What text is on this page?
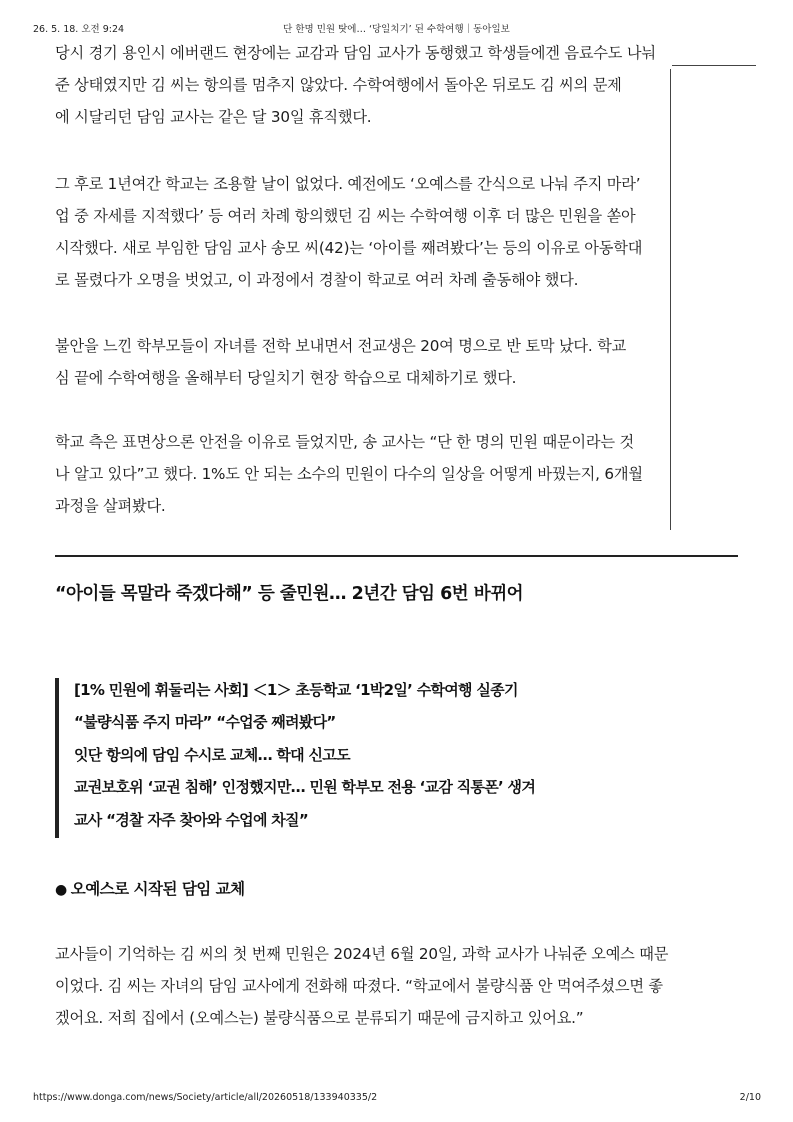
26. 5. 18. 오전 9:24	단 한명 민원 탓에… ‘당일치기’ 된 수학여행｜동아일보
당시 경기 용인시 에버랜드 현장에는 교감과 담임 교사가 동행했고 학생들에겐 음료수도 나눠
준 상태였지만 김 씨는 항의를 멈추지 않았다. 수학여행에서 돌아온 뒤로도 김 씨의 문제
에 시달리던 담임 교사는 같은 달 30일 휴직했다.
그 후로 1년여간 학교는 조용할 날이 없었다. 예전에도 ‘오예스를 간식으로 나눠 주지 마라’
업 중 자세를 지적했다’ 등 여러 차례 항의했던 김 씨는 수학여행 이후 더 많은 민원을 쏟아
시작했다. 새로 부임한 담임 교사 송모 씨(42)는 ‘아이를 째려봤다’는 등의 이유로 아동학대
로 몰렸다가 오명을 벗었고, 이 과정에서 경찰이 학교로 여러 차례 출동해야 했다.
불안을 느낀 학부모들이 자녀를 전학 보내면서 전교생은 20여 명으로 반 토막 났다. 학교
심 끝에 수학여행을 올해부터 당일치기 현장 학습으로 대체하기로 했다.
학교 측은 표면상으론 안전을 이유로 들었지만, 송 교사는 “단 한 명의 민원 때문이라는 것
나 알고 있다”고 했다. 1%도 안 되는 소수의 민원이 다수의 일상을 어떻게 바꿨는지, 6개월
과정을 살펴봤다.
“아이들 목말라 죽겠다해” 등 줄민원… 2년간 담임 6번 바뀌어
[1% 민원에 휘둘리는 사회] ＜1＞ 초등학교 ‘1박2일’ 수학여행 실종기
“불량식품 주지 마라” “수업중 째려봤다”
잇단 항의에 담임 수시로 교체… 학대 신고도
교권보호위 ‘교권 침해’ 인정했지만… 민원 학부모 전용 ‘교감 직통폰’ 생겨
교사 “경찰 자주 찾아와 수업에 차질”
● 오예스로 시작된 담임 교체
교사들이 기억하는 김 씨의 첫 번째 민원은 2024년 6월 20일, 과학 교사가 나눠준 오예스 때문
이었다. 김 씨는 자녀의 담임 교사에게 전화해 따졌다. “학교에서 불량식품 안 먹여주셨으면 좋
겠어요. 저희 집에서 (오예스는) 불량식품으로 분류되기 때문에 금지하고 있어요.”
https://www.donga.com/news/Society/article/all/20260518/133940335/2	2/10
